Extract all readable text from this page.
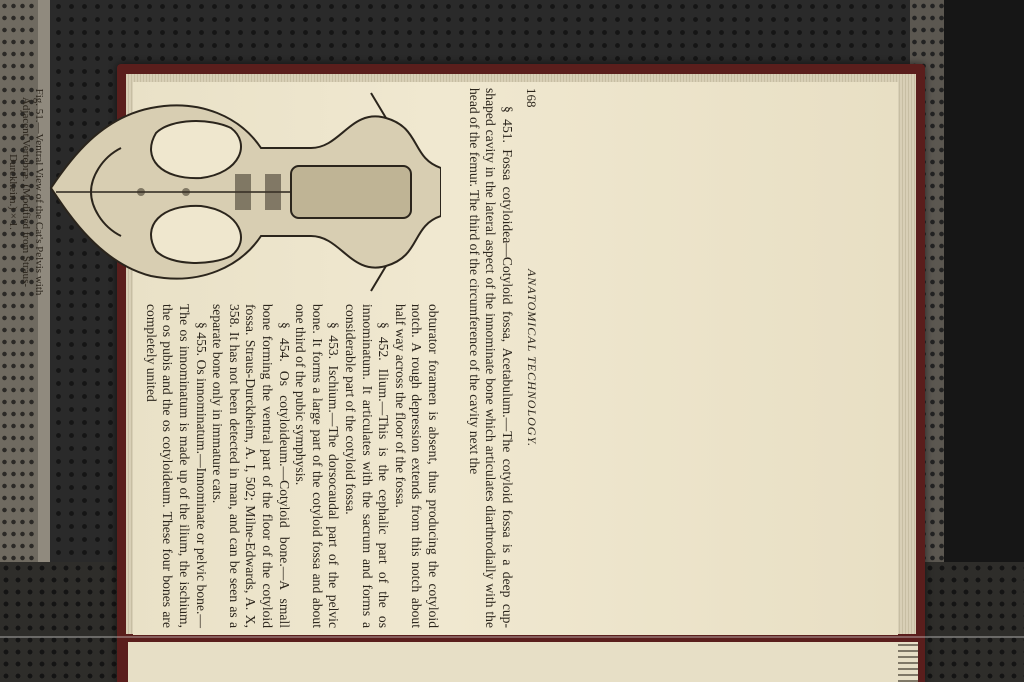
168
ANATOMICAL TECHNOLOGY.

§ 451. Fossa cotyloidea—Cotyloid fossa, Acetabulum.—The cotyloid fossa is a deep cup-shaped cavity in the lateral aspect of the innominate bone which articulates diarthrodially with the head of the femur. The third of the circumference of the cavity next the

Fig. 51.—Ventral View of the Cat's Pelvis with Adjacent Vertebræ. (Modified from Straus-Durckheim.) × 1.

obturator foramen is absent, thus producing the cotyloid notch. A rough depression extends from this notch about half way across the floor of the fossa.

§ 452. Ilium.—This is the cephalic part of the os innominatum. It articulates with the sacrum and forms a considerable part of the cotyloid fossa.

§ 453. Ischium.—The dorsocaudal part of the pelvic bone. It forms a large part of the cotyloid fossa and about one third of the pubic symphysis.

§ 454. Os cotyloideum.—Cotyloid bone.—A small bone forming the ventral part of the floor of the cotyloid fossa. Straus-Durckheim, A. I, 502; Milne-Edwards, A. X, 358. It has not been detected in man, and can be seen as a separate bone only in immature cats.

§ 455. Os innominatum.—Innominate or pelvic bone.—The os innominatum is made up of the ilium, the ischium, the os pubis and the os cotyloideum. These four bones are completely united
